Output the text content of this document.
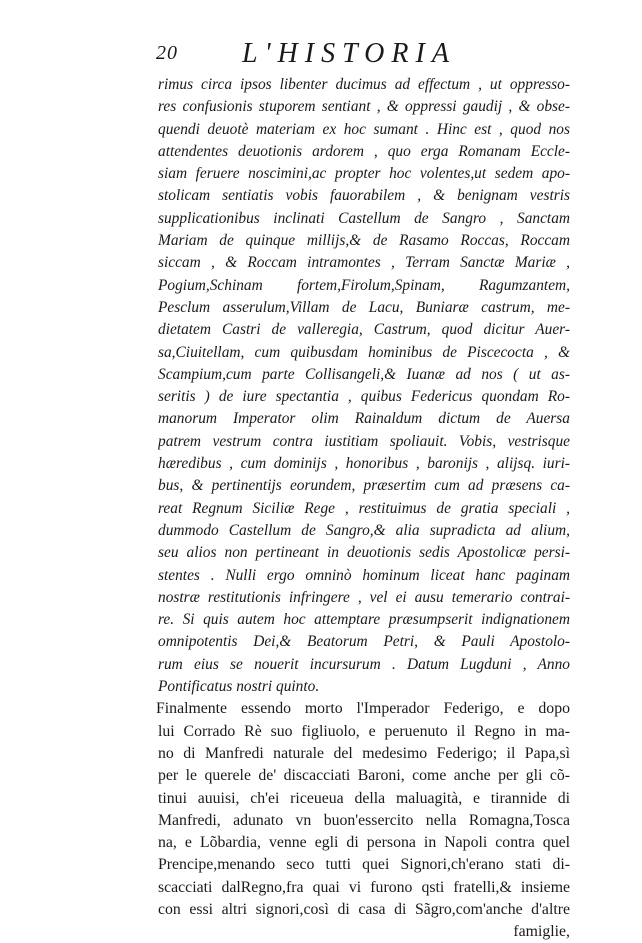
20 L'HISTORIA
rimus circa ipsos libenter ducimus ad effectum , ut oppresso-
res confusionis stuporem sentiant , & oppressi gaudij , & obse-
quendi deuotè materiam ex hoc sumant . Hinc est , quod nos
attendentes deuotionis ardorem , quo erga Romanam Eccle-
siam feruere noscimini,ac propter hoc volentes,ut sedem apo-
stolicam sentiatis vobis fauorabilem , & benignam vestris
supplicationibus inclinati Castellum de Sangro , Sanctam
Mariam de quinque millijs,& de Rasamo Roccas, Roccam
siccam , & Roccam intramontes , Terram Sanctæ Mariæ ,
Pogium,Schinam fortem,Firolum,Spinam, Ragumzantem,
Pesclum asserulum,Villam de Lacu, Buniaræ castrum, me-
dietatem Castri de valleregia, Castrum, quod dicitur Auer-
sa,Ciuitellam, cum quibusdam hominibus de Piscecocta , &
Scampium,cum parte Collisangeli,& Iuanæ ad nos ( ut as-
seritis ) de iure spectantia , quibus Federicus quondam Ro-
manorum Imperator olim Rainaldum dictum de Auersa
patrem vestrum contra iustitiam spoliauit. Vobis, vestrisque
hæredibus , cum dominijs , honoribus , baronijs , alijsq. iuri-
bus, & pertinentijs eorundem, præsertim cum ad præsens ca-
reat Regnum Siciliæ Rege , restituimus de gratia speciali ,
dummodo Castellum de Sangro,& alia supradicta ad alium,
seu alios non pertineant in deuotionis sedis Apostolicæ persi-
stentes . Nulli ergo omninò hominum liceat hanc paginam
nostræ restitutionis infringere , vel ei ausu temerario contrai-
re. Si quis autem hoc attemptare præsumpserit indignationem
omnipotentis Dei,& Beatorum Petri, & Pauli Apostolo-
rum eius se nouerit incursurum . Datum Lugduni , Anno
Pontificatus nostri quinto.
Finalmente essendo morto l'Imperador Federigo, e dopo
lui Corrado Rè suo figliuolo, e peruenuto il Regno in ma-
no di Manfredi naturale del medesimo Federigo; il Papa,sì
per le querele de' discacciati Baroni, come anche per gli cõ-
tinui auuisi, ch'ei riceueua della maluagità, e tirannide di
Manfredi, adunato vn buon'essercito nella Romagna,Tosca
na, e Lõbardia, venne egli di persona in Napoli contra quel
Prencipe,menando seco tutti quei Signori,ch'erano stati di-
scacciati dalRegno,fra quai vi furono qsti fratelli,& insieme
con essi altri signori,così di casa di Sãgro,com'anche d'altre
famiglie,
